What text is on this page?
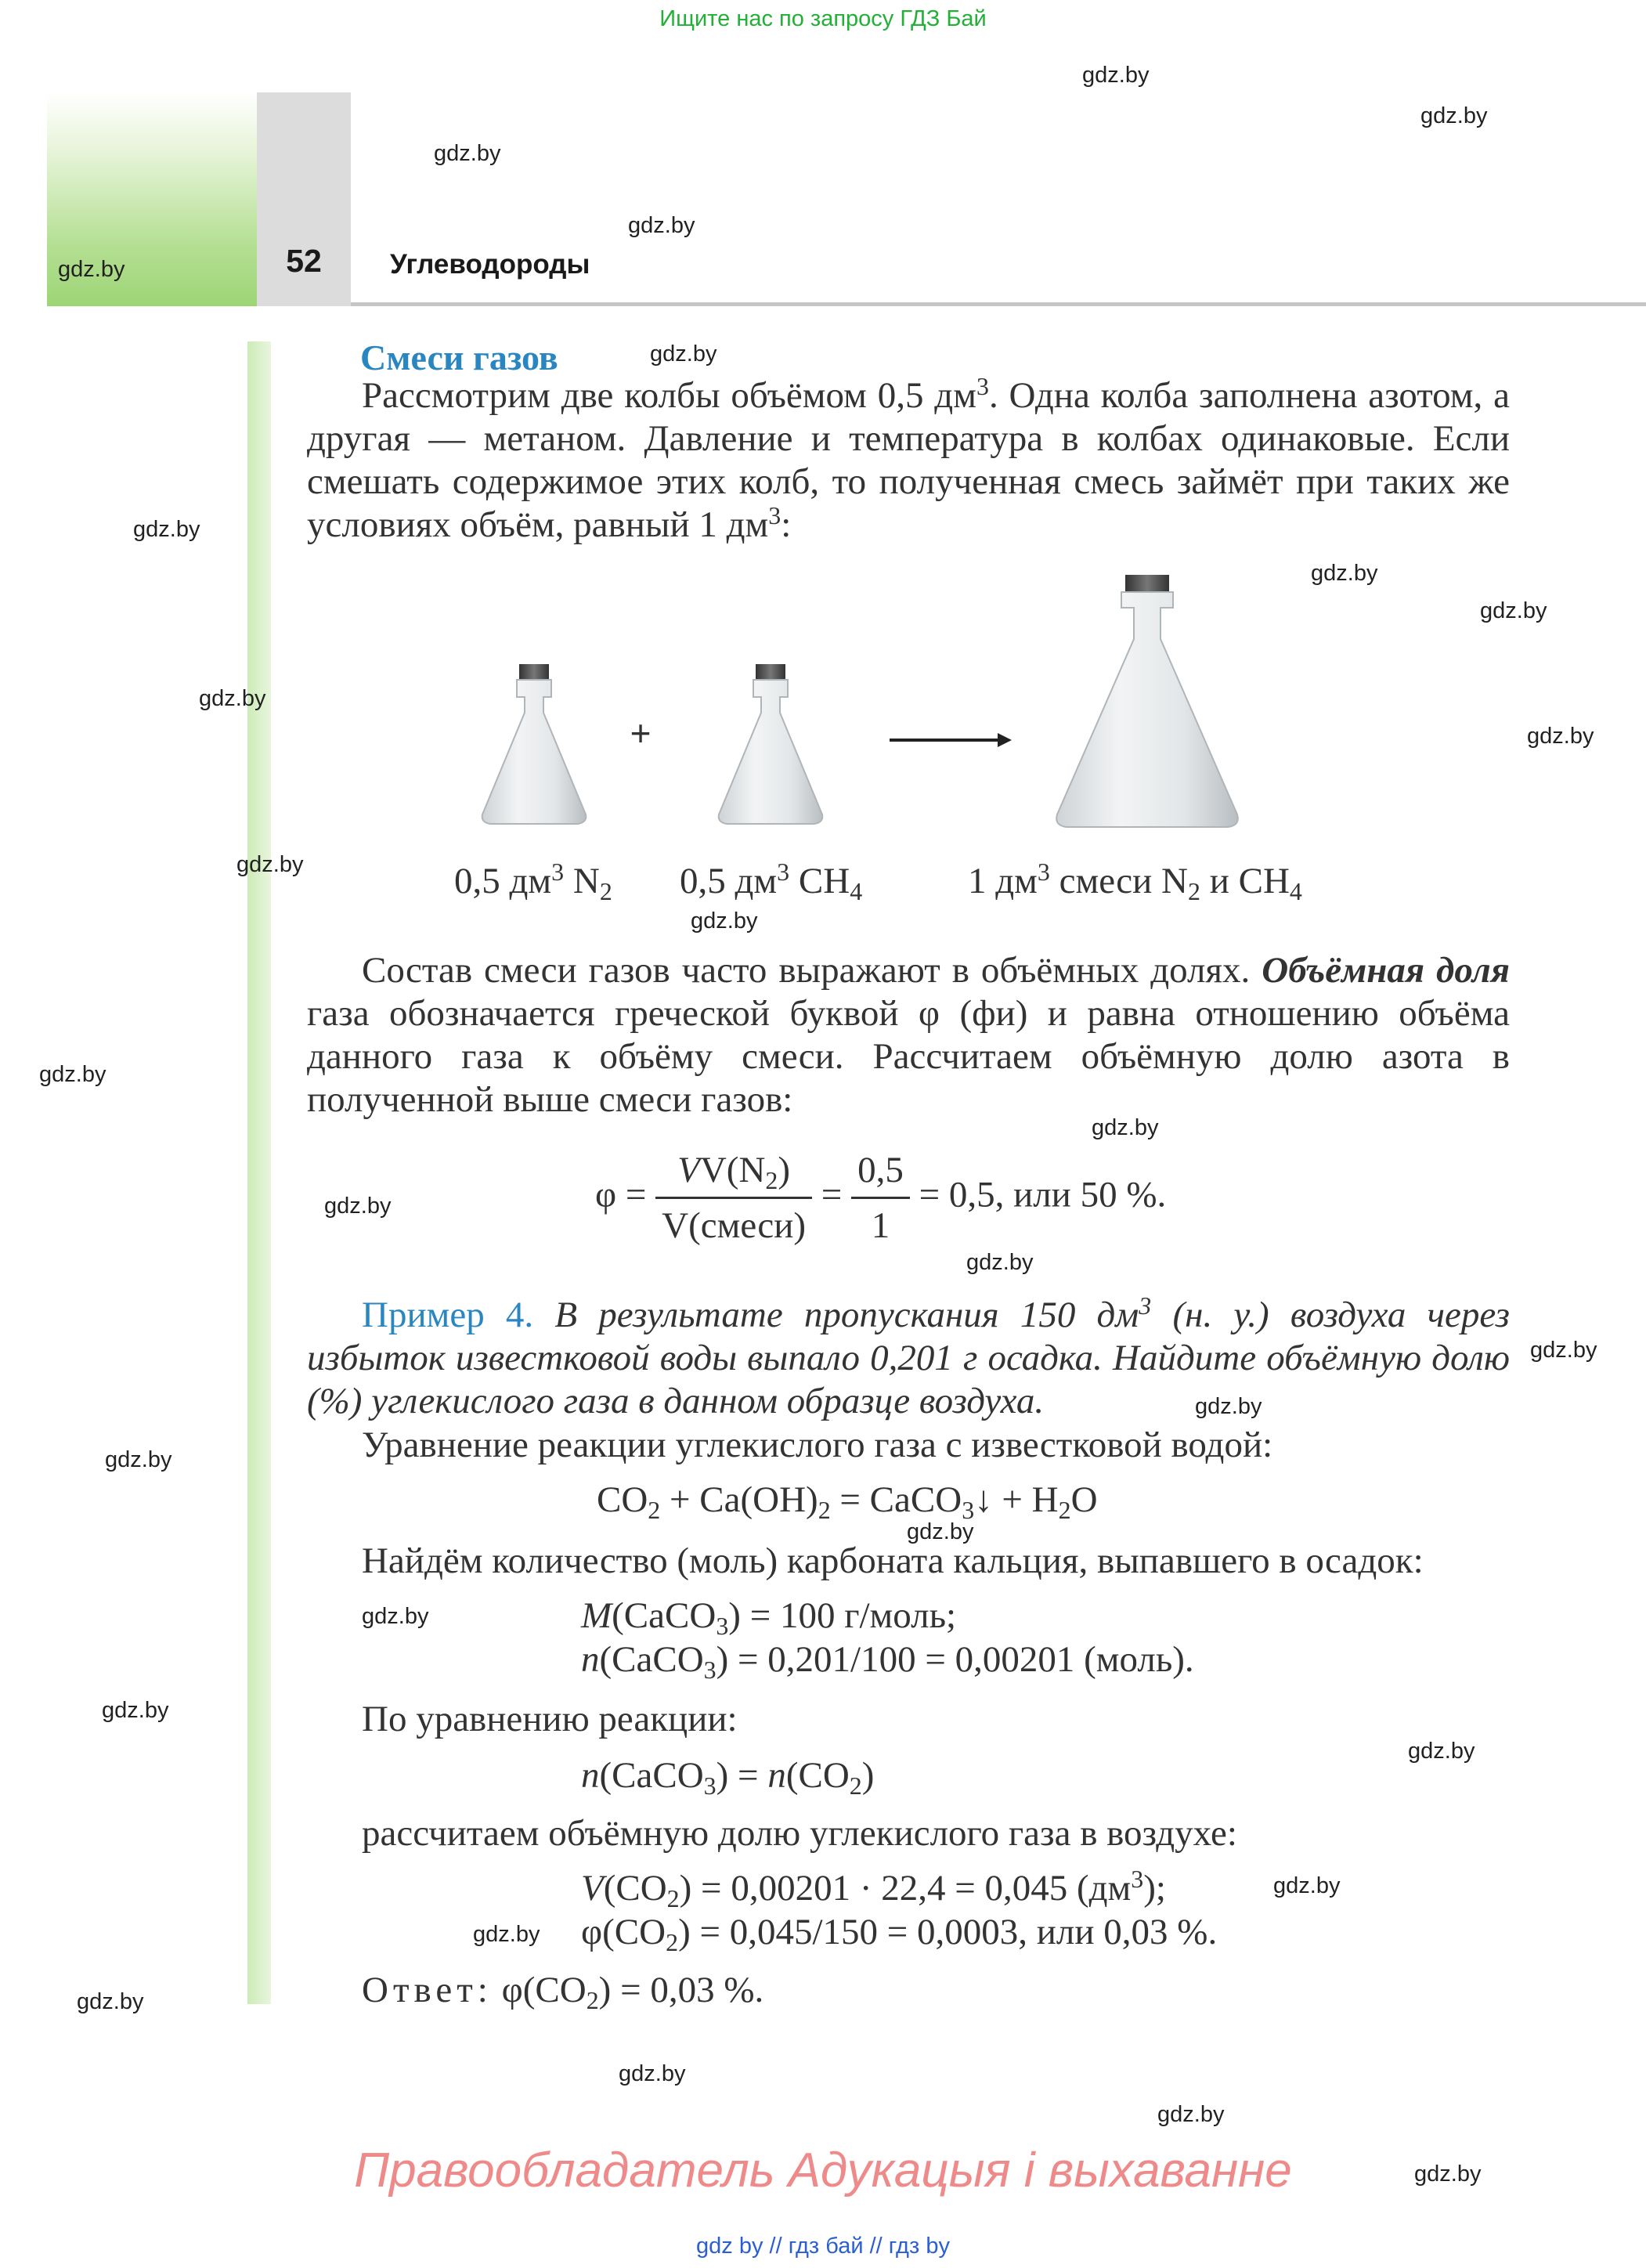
Ищите нас по запросу ГДЗ Бай
52	Углеводороды
Смеси газов

Рассмотрим две колбы объёмом 0,5 $дм^3$. Одна колба заполнена азотом, а другая — метаном. Давление и температура в колбах одинаковые. Если смешать содержимое этих колб, то полученная смесь займёт при таких же условиях объём, равный 1 $дм^3$:

+
0,5 $дм^3$ $N_2$ 0,5 $дм^3$ $CH_4$	1 $дм^3$ смеси $N_2$ и $CH_4$

Состав смеси газов часто выражают в объёмных долях. Объёмная доля газа обозначается греческой буквой φ (фи) и равна отношению объёма данного газа к объёму смеси. Рассчитаем объёмную долю азота в полученной выше смеси газов:

$\varphi = \frac{VV(N_2)}{\text{V(смеси)}} = \frac{0,5}{1} = 0,5$, или 50 %.

Пример 4. В результате пропускания 150 $дм^3$ (н. у.) воздуха через избыток известковой воды выпало 0,201 г осадка. Найдите объёмную долю (%) углекислого газа в данном образце воздуха.

Уравнение реакции углекислого газа с известковой водой:

$CO_2 + Ca(OH)_2$ = CaCO$_3$↓ + $H_2O$

Найдём количество (моль) карбоната кальция, выпавшего в осадок:

M(CaCO$_3$) = 100 г/моль;
n(CaCO$_3$) = 0,201/100 = 0,00201 (моль).

По уравнению реакции:

n(CaCO$_3$) = $n(CO_2)$

рассчитаем объёмную долю углекислого газа в воздухе:

$V(CO_2) = 0,00201 \cdot 22,4 = 0,045$ $(дм^3)$;
$\varphi(CO_2) = 0,045/150 = 0,0003$, или 0,03 %.
Ответ: $\varphi(CO_2) = 0,03$ %.
gdz.by
gdz.by
gdz.by
gdz.by
gdz.by
gdz.by
gdz.by
gdz.by
gdz.by
gdz.by
gdz.by
gdz.by
gdz.by
gdz.by
gdz.by
gdz.by
gdz.by
gdz.by
gdz.by
gdz.by
gdz.by
gdz.by
gdz.by
gdz.by
gdz.by
gdz.by
gdz.by
gdz.by
gdz.by
gdz.by
Правообладатель Адукацыя і выхаванне
gdz by // гдз бай // гдз by
